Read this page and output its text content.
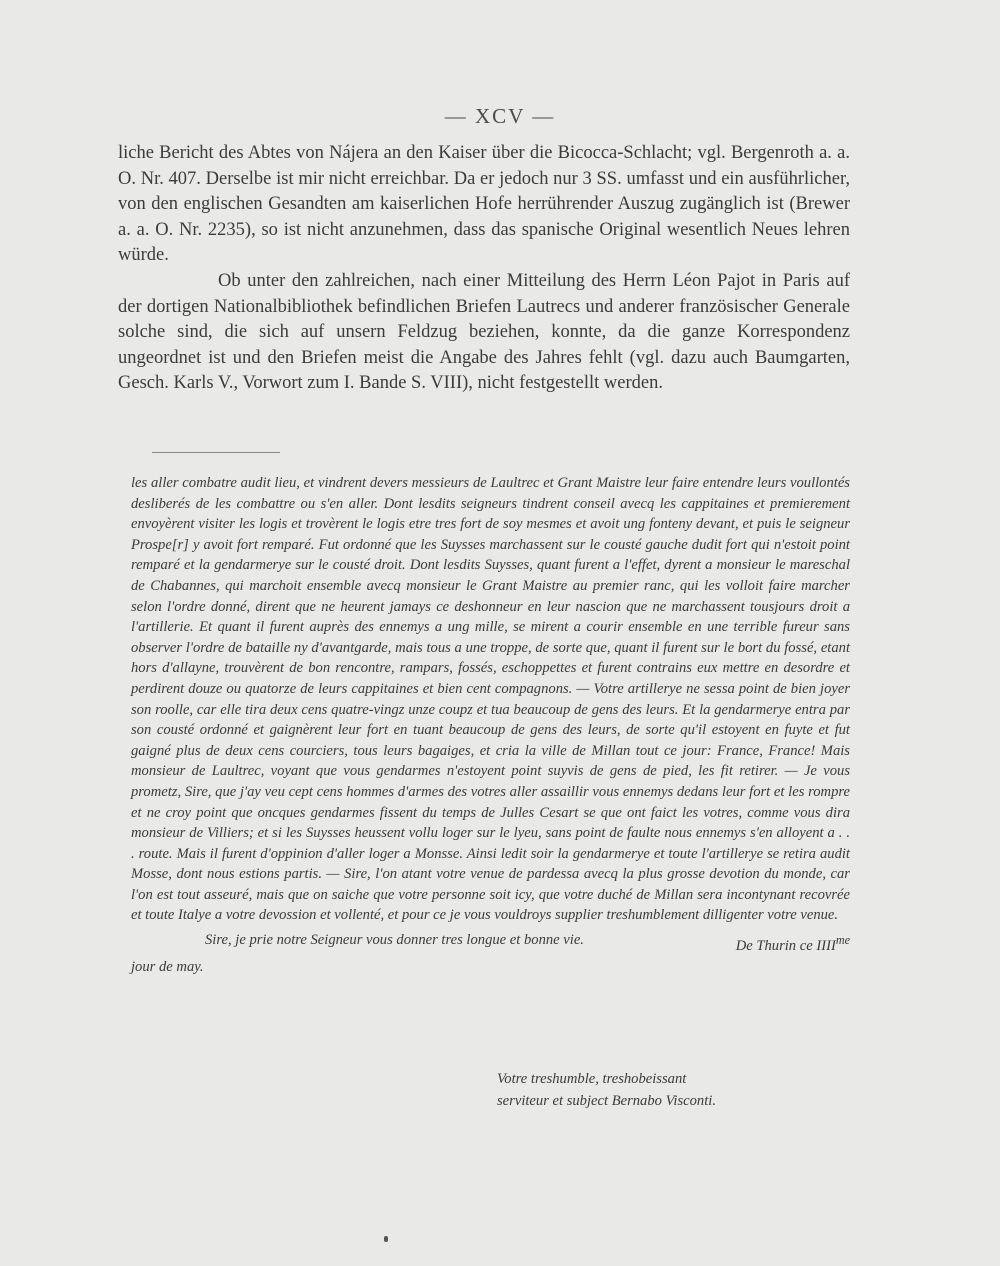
— XCV —

liche Bericht des Abtes von Nájera an den Kaiser über die Bicocca-Schlacht; vgl. Bergenroth a. a. O. Nr. 407. Derselbe ist mir nicht erreichbar. Da er jedoch nur 3 SS. umfasst und ein ausführlicher, von den englischen Gesandten am kaiserlichen Hofe herrührender Auszug zugänglich ist (Brewer a. a. O. Nr. 2235), so ist nicht anzunehmen, dass das spanische Original wesentlich Neues lehren würde.

Ob unter den zahlreichen, nach einer Mitteilung des Herrn Léon Pajot in Paris auf der dortigen Nationalbibliothek befindlichen Briefen Lautrecs und anderer französischer Generale solche sind, die sich auf unsern Feldzug beziehen, konnte, da die ganze Korrespondenz ungeordnet ist und den Briefen meist die Angabe des Jahres fehlt (vgl. dazu auch Baumgarten, Gesch. Karls V., Vorwort zum I. Bande S. VIII), nicht festgestellt werden.

les aller combatre audit lieu, et vindrent devers messieurs de Laultrec et Grant Maistre leur faire entendre leurs voullontés desliberés de les combattre ou s'en aller. Dont lesdits seigneurs tindrent conseil avecq les cappitaines et premierement envoyèrent visiter les logis et trovèrent le logis etre tres fort de soy mesmes et avoit ung fonteny devant, et puis le seigneur Prospe[r] y avoit fort remparé. Fut ordonné que les Suysses marchassent sur le cousté gauche dudit fort qui n'estoit point remparé et la gendarmerye sur le cousté droit. Dont lesdits Suysses, quant furent a l'effet, dyrent a monsieur le mareschal de Chabannes, qui marchoit ensemble avecq monsieur le Grant Maistre au premier ranc, qui les volloit faire marcher selon l'ordre donné, dirent que ne heurent jamays ce deshonneur en leur nascion que ne marchassent tousjours droit a l'artillerie. Et quant il furent auprès des ennemys a ung mille, se mirent a courir ensemble en une terrible fureur sans observer l'ordre de bataille ny d'avantgarde, mais tous a une troppe, de sorte que, quant il furent sur le bort du fossé, etant hors d'allayne, trouvèrent de bon rencontre, rampars, fossés, eschoppettes et furent contrains eux mettre en desordre et perdirent douze ou quatorze de leurs cappitaines et bien cent compagnons. — Votre artillerye ne sessa point de bien joyer son roolle, car elle tira deux cens quatre-vingz unze coupz et tua beaucoup de gens des leurs. Et la gendarmerye entra par son cousté ordonné et gaignèrent leur fort en tuant beaucoup de gens des leurs, de sorte qu'il estoyent en fuyte et fut gaigné plus de deux cens courciers, tous leurs bagaiges, et cria la ville de Millan tout ce jour: France, France! Mais monsieur de Laultrec, voyant que vous gendarmes n'estoyent point suyvis de gens de pied, les fit retirer. — Je vous prometz, Sire, que j'ay veu cept cens hommes d'armes des votres aller assaillir vous ennemys dedans leur fort et les rompre et ne croy point que oncques gendarmes fissent du temps de Julles Cesart se que ont faict les votres, comme vous dira monsieur de Villiers; et si les Suysses heussent vollu loger sur le lyeu, sans point de faulte nous ennemys s'en alloyent a . . . route. Mais il furent d'oppinion d'aller loger a Monsse. Ainsi ledit soir la gendarmerye et toute l'artillerye se retira audit Mosse, dont nous estions partis. — Sire, l'on atant votre venue de pardessa avecq la plus grosse devotion du monde, car l'on est tout asseuré, mais que on saiche que votre personne soit icy, que votre duché de Millan sera incontynant recovrée et toute Italye a votre devossion et vollenté, et pour ce je vous vouldroys supplier treshumblement dilligenter votre venue.

Sire, je prie notre Seigneur vous donner tres longue et bonne vie.	De Thurin ce $IIII^{me}$

jour de may.

Votre treshumble, treshobeissant
serviteur et subject Bernabo Visconti.
